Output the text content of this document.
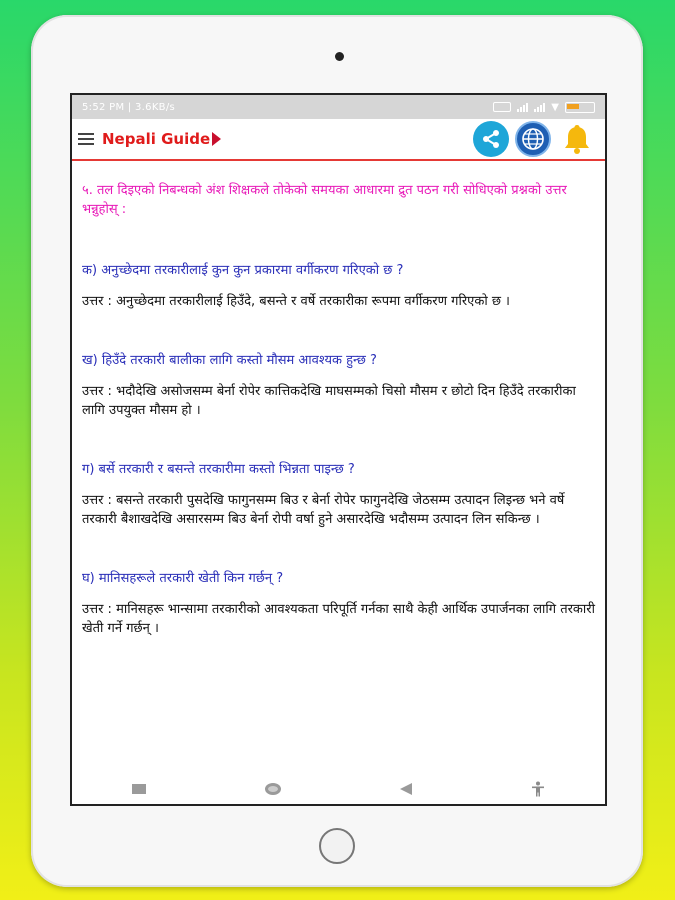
5:52 PM | 3.6KB/s	▼
Nepali Guide

५. तल दिइएको निबन्धको अंश शिक्षकले तोकेको समयका आधारमा द्रुत पठन गरी सोधिएको प्रश्नको उत्तर भन्नुहोस् :

क) अनुच्छेदमा तरकारीलाई कुन कुन प्रकारमा वर्गीकरण गरिएको छ ?

उत्तर : अनुच्छेदमा तरकारीलाई हिउँदे, बसन्ते र वर्षे तरकारीका रूपमा वर्गीकरण गरिएको छ ।

ख) हिउँदे तरकारी बालीका लागि कस्तो मौसम आवश्यक हुन्छ ?

उत्तर : भदौदेखि असोजसम्म बेर्ना रोपेर कात्तिकदेखि माघसम्मको चिसो मौसम र छोटो दिन हिउँदे तरकारीका लागि उपयुक्त मौसम हो ।

ग) बर्से तरकारी र बसन्ते तरकारीमा कस्तो भिन्नता पाइन्छ ?

उत्तर : बसन्ते तरकारी पुसदेखि फागुनसम्म बिउ र बेर्ना रोपेर फागुनदेखि जेठसम्म उत्पादन लिइन्छ भने वर्षे तरकारी बैशाखदेखि असारसम्म बिउ बेर्ना रोपी वर्षा हुने असारदेखि भदौसम्म उत्पादन लिन सकिन्छ ।

घ) मानिसहरूले तरकारी खेती किन गर्छन् ?

उत्तर : मानिसहरू भान्सामा तरकारीको आवश्यकता परिपूर्ति गर्नका साथै केही आर्थिक उपार्जनका लागि तरकारी खेती गर्ने गर्छन् ।
